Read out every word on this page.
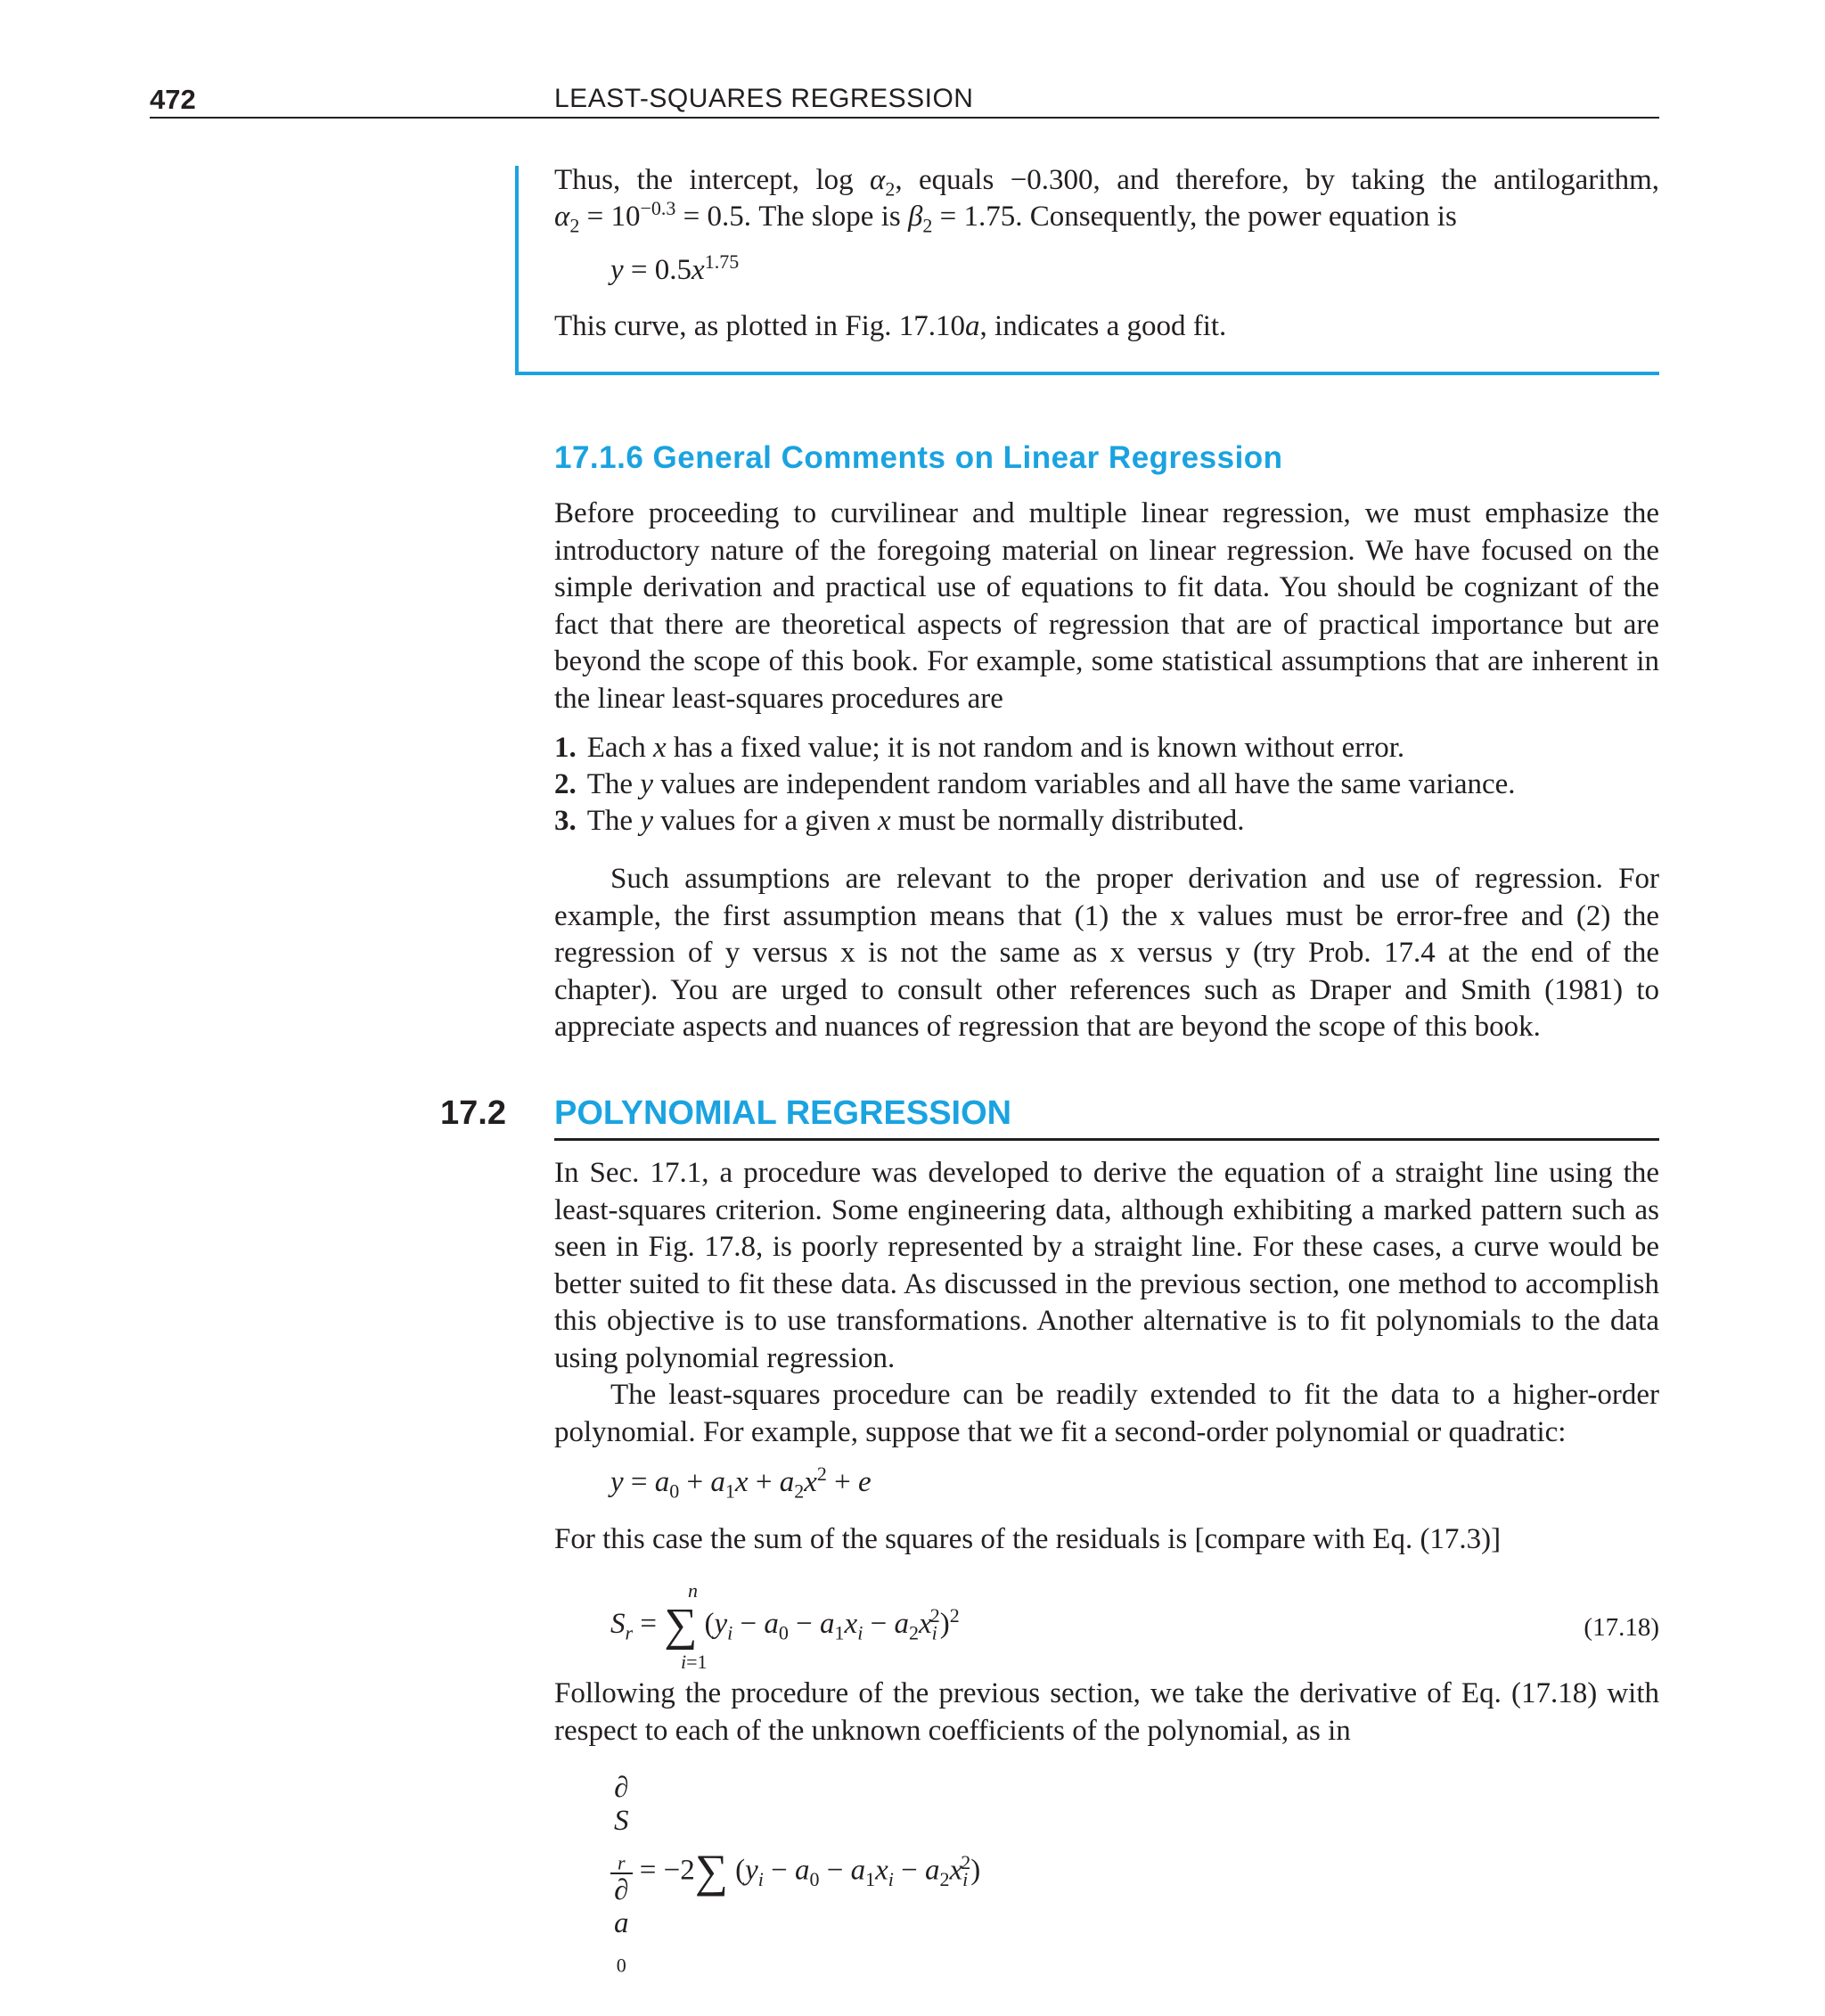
472	LEAST-SQUARES REGRESSION
Thus, the intercept, $\log \alpha_2$, equals −0.300, and therefore, by taking the antilogarithm,
$\alpha_2 = 10^{-0.3} = 0.5$. The slope is $\beta_2 = 1.75$. Consequently, the power equation is
$y = 0.5x^{1.75}$
This curve, as plotted in Fig. 17.10a, indicates a good fit.
17.1.6 General Comments on Linear Regression
Before proceeding to curvilinear and multiple linear regression, we must emphasize the introductory nature of the foregoing material on linear regression. We have focused on the simple derivation and practical use of equations to fit data. You should be cognizant of the fact that there are theoretical aspects of regression that are of practical importance but are beyond the scope of this book. For example, some statistical assumptions that are inherent in the linear least-squares procedures are
1. Each x has a fixed value; it is not random and is known without error.
2. The y values are independent random variables and all have the same variance.
3. The y values for a given x must be normally distributed.
Such assumptions are relevant to the proper derivation and use of regression. For example, the first assumption means that (1) the x values must be error-free and (2) the regression of y versus x is not the same as x versus y (try Prob. 17.4 at the end of the chapter). You are urged to consult other references such as Draper and Smith (1981) to appreciate aspects and nuances of regression that are beyond the scope of this book.
17.2 POLYNOMIAL REGRESSION
In Sec. 17.1, a procedure was developed to derive the equation of a straight line using the least-squares criterion. Some engineering data, although exhibiting a marked pattern such as seen in Fig. 17.8, is poorly represented by a straight line. For these cases, a curve would be better suited to fit these data. As discussed in the previous section, one method to accomplish this objective is to use transformations. Another alternative is to fit polynomials to the data using polynomial regression.
The least-squares procedure can be readily extended to fit the data to a higher-order polynomial. For example, suppose that we fit a second-order polynomial or quadratic:
$y = a_0 + a_1x + a_2x^2 + e$
For this case the sum of the squares of the residuals is [compare with Eq. (17.3)]
n
$S_r$ = ∑ $(y_i - a_0 - a_1x_i - a_2x_i^2)^2$
i=1
(17.18)
Following the procedure of the previous section, we take the derivative of Eq. (17.18) with respect to each of the unknown coefficients of the polynomial, as in
∂
S
$_r$
∂
a
$_0$ = −2∑ $(y_i - a_0 - a_1x_i - a_2x_i^2)$
